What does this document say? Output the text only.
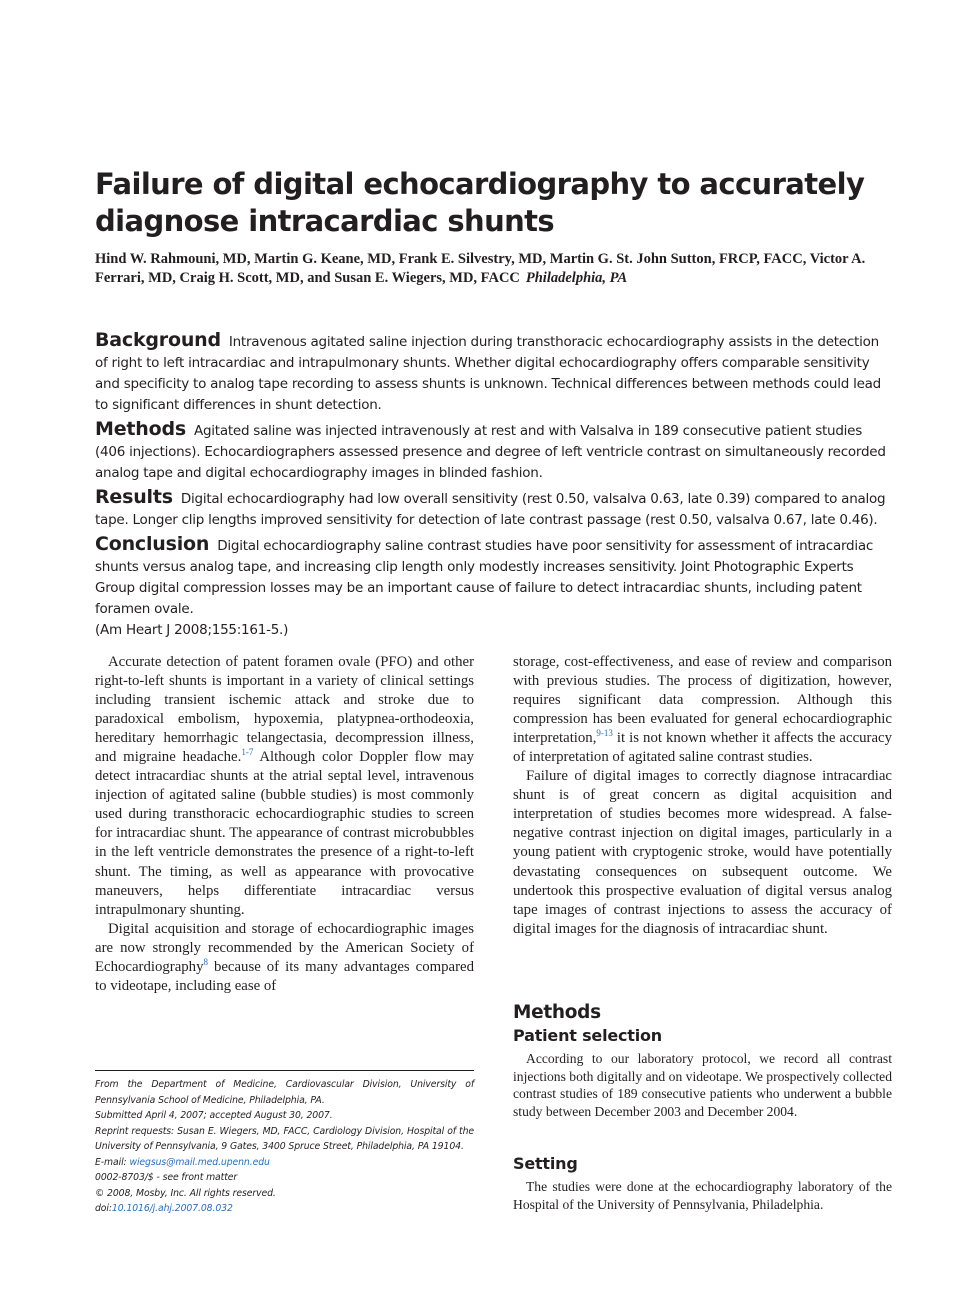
Failure of digital echocardiography to accurately diagnose intracardiac shunts
Hind W. Rahmouni, MD, Martin G. Keane, MD, Frank E. Silvestry, MD, Martin G. St. John Sutton, FRCP, FACC, Victor A. Ferrari, MD, Craig H. Scott, MD, and Susan E. Wiegers, MD, FACC Philadelphia, PA

Background Intravenous agitated saline injection during transthoracic echocardiography assists in the detection of right to left intracardiac and intrapulmonary shunts. Whether digital echocardiography offers comparable sensitivity and specificity to analog tape recording to assess shunts is unknown. Technical differences between methods could lead to significant differences in shunt detection.

Methods Agitated saline was injected intravenously at rest and with Valsalva in 189 consecutive patient studies (406 injections). Echocardiographers assessed presence and degree of left ventricle contrast on simultaneously recorded analog tape and digital echocardiography images in blinded fashion.

Results Digital echocardiography had low overall sensitivity (rest 0.50, valsalva 0.63, late 0.39) compared to analog tape. Longer clip lengths improved sensitivity for detection of late contrast passage (rest 0.50, valsalva 0.67, late 0.46).

Conclusion Digital echocardiography saline contrast studies have poor sensitivity for assessment of intracardiac shunts versus analog tape, and increasing clip length only modestly increases sensitivity. Joint Photographic Experts Group digital compression losses may be an important cause of failure to detect intracardiac shunts, including patent foramen ovale.

(Am Heart J 2008;155:161-5.)

Accurate detection of patent foramen ovale (PFO) and other right-to-left shunts is important in a variety of clinical settings including transient ischemic attack and stroke due to paradoxical embolism, hypoxemia, platypnea-orthodeoxia, hereditary hemorrhagic telangectasia, decompression illness, and migraine headache.$^{1-7}$ Although color Doppler flow may detect intracardiac shunts at the atrial septal level, intravenous injection of agitated saline (bubble studies) is most commonly used during transthoracic echocardiographic studies to screen for intracardiac shunt. The appearance of contrast microbubbles in the left ventricle demonstrates the presence of a right-to-left shunt. The timing, as well as appearance with provocative maneuvers, helps differentiate intracardiac versus intrapulmonary shunting.

Digital acquisition and storage of echocardiographic images are now strongly recommended by the American Society of Echocardiography$^8$ because of its many advantages compared to videotape, including ease of

storage, cost-effectiveness, and ease of review and comparison with previous studies. The process of digitization, however, requires significant data compression. Although this compression has been evaluated for general echocardiographic interpretation,$^{9-13}$ it is not known whether it affects the accuracy of interpretation of agitated saline contrast studies.

Failure of digital images to correctly diagnose intracardiac shunt is of great concern as digital acquisition and interpretation of studies becomes more widespread. A false-negative contrast injection on digital images, particularly in a young patient with cryptogenic stroke, would have potentially devastating consequences on subsequent outcome. We undertook this prospective evaluation of digital versus analog tape images of contrast injections to assess the accuracy of digital images for the diagnosis of intracardiac shunt.

Methods
Patient selection

According to our laboratory protocol, we record all contrast injections both digitally and on videotape. We prospectively collected contrast studies of 189 consecutive patients who underwent a bubble study between December 2003 and December 2004.

Setting

The studies were done at the echocardiography laboratory of the Hospital of the University of Pennsylvania, Philadelphia.

From the Department of Medicine, Cardiovascular Division, University of Pennsylvania School of Medicine, Philadelphia, PA.
Submitted April 4, 2007; accepted August 30, 2007.
Reprint requests: Susan E. Wiegers, MD, FACC, Cardiology Division, Hospital of the University of Pennsylvania, 9 Gates, 3400 Spruce Street, Philadelphia, PA 19104.
E-mail: wiegsus@mail.med.upenn.edu
0002-8703/$ - see front matter
© 2008, Mosby, Inc. All rights reserved.
doi:10.1016/j.ahj.2007.08.032
